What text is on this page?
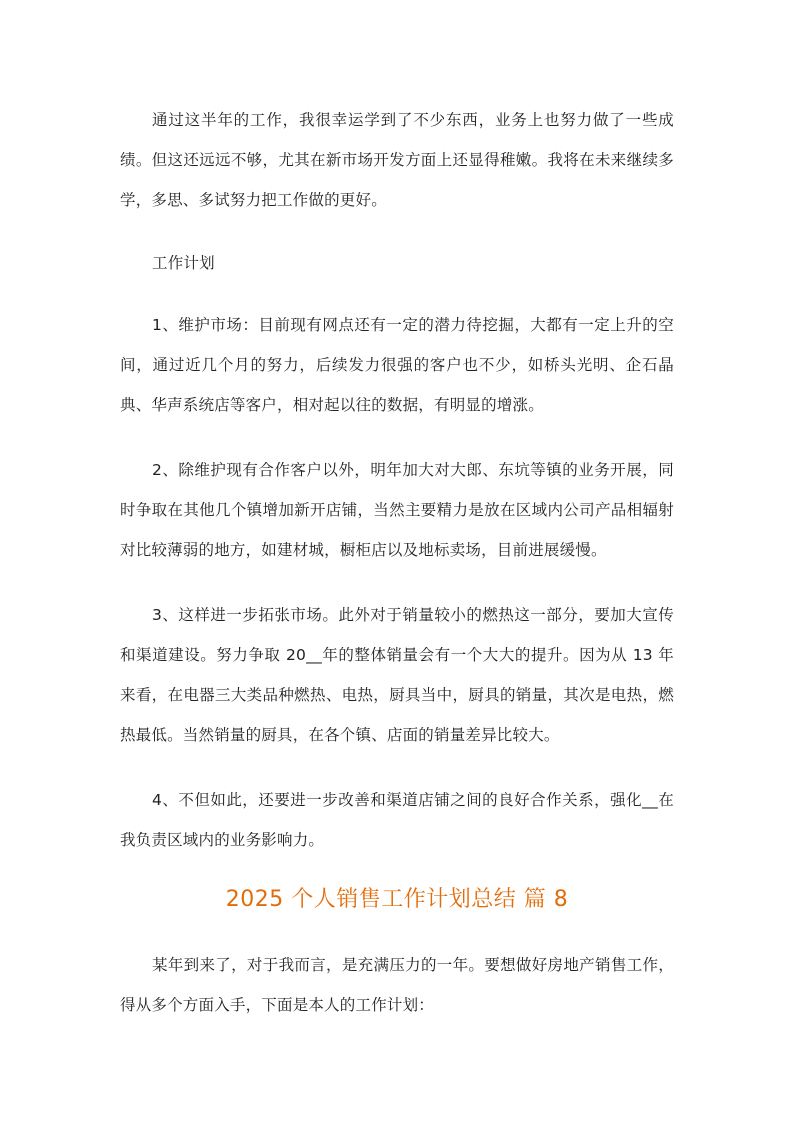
通过这半年的工作，我很幸运学到了不少东西，业务上也努力做了一些成绩。但这还远远不够，尤其在新市场开发方面上还显得稚嫩。我将在未来继续多学，多思、多试努力把工作做的更好。

工作计划

1、维护市场：目前现有网点还有一定的潜力待挖掘，大都有一定上升的空间，通过近几个月的努力，后续发力很强的客户也不少，如桥头光明、企石晶典、华声系统店等客户，相对起以往的数据，有明显的增涨。

2、除维护现有合作客户以外，明年加大对大郎、东坑等镇的业务开展，同时争取在其他几个镇增加新开店铺，当然主要精力是放在区域内公司产品相辐射对比较薄弱的地方，如建材城，橱柜店以及地标卖场，目前进展缓慢。

3、这样进一步拓张市场。此外对于销量较小的燃热这一部分，要加大宣传和渠道建设。努力争取 20__年的整体销量会有一个大大的提升。因为从 13 年来看，在电器三大类品种燃热、电热，厨具当中，厨具的销量，其次是电热，燃热最低。当然销量的厨具，在各个镇、店面的销量差异比较大。

4、不但如此，还要进一步改善和渠道店铺之间的良好合作关系，强化__在我负责区域内的业务影响力。

2025 个人销售工作计划总结 篇 8

某年到来了，对于我而言，是充满压力的一年。要想做好房地产销售工作，得从多个方面入手，下面是本人的工作计划：
